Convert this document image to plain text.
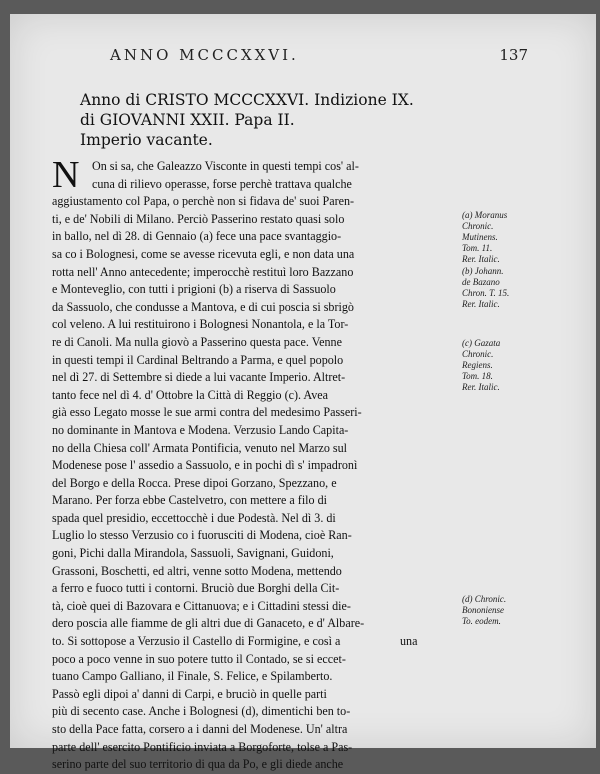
ANNO MCCCXXVI.	137
Anno di CRISTO MCCCXXVI. Indizione IX.
di GIOVANNI XXII. Papa II.
Imperio vacante.
N	On si sa, che Galeazzo Visconte in questi tempi cos' al-
cuna di rilievo operasse, forse perchè trattava qualche
aggiustamento col Papa, o perchè non si fidava de' suoi Paren-
ti, e de' Nobili di Milano. Perciò Passerino restato quasi solo
in ballo, nel dì 28. di Gennaio (a) fece una pace svantaggio-
sa co i Bolognesi, come se avesse ricevuta egli, e non data una
rotta nell' Anno antecedente; imperocchè restituì loro Bazzano
e Monteveglio, con tutti i prigioni (b) a riserva di Sassuolo
da Sassuolo, che condusse a Mantova, e di cui poscia si sbrigò
col veleno. A lui restituirono i Bolognesi Nonantola, e la Tor-
re di Canoli. Ma nulla giovò a Passerino questa pace. Venne
in questi tempi il Cardinal Beltrando a Parma, e quel popolo
nel dì 27. di Settembre si diede a lui vacante Imperio. Altret-
tanto fece nel dì 4. d' Ottobre la Città di Reggio (c). Avea
già esso Legato mosse le sue armi contra del medesimo Passeri-
no dominante in Mantova e Modena. Verzusio Lando Capita-
no della Chiesa coll' Armata Pontificia, venuto nel Marzo sul
Modenese pose l' assedio a Sassuolo, e in pochi dì s' impadronì
del Borgo e della Rocca. Prese dipoi Gorzano, Spezzano, e
Marano. Per forza ebbe Castelvetro, con mettere a filo di
spada quel presidio, eccettocchè i due Podestà. Nel dì 3. di
Luglio lo stesso Verzusio co i fuorusciti di Modena, cioè Ran-
goni, Pichi dalla Mirandola, Sassuoli, Savignani, Guidoni,
Grassoni, Boschetti, ed altri, venne sotto Modena, mettendo
a ferro e fuoco tutti i contorni. Bruciò due Borghi della Cit-
tà, cioè quei di Bazovara e Cittanuova; e i Cittadini stessi die-
dero poscia alle fiamme de gli altri due di Ganaceto, e d' Albare-
to. Si sottopose a Verzusio il Castello di Formigine, e così a
poco a poco venne in suo potere tutto il Contado, se si eccet-
tuano Campo Galliano, il Finale, S. Felice, e Spilamberto.
Passò egli dipoi a' danni di Carpi, e bruciò in quelle parti
più di secento case. Anche i Bolognesi (d), dimentichi ben to-
sto della Pace fatta, corsero a i danni del Modenese. Un' altra
parte dell' esercito Pontificio inviata a Borgoforte, tolse a Pas-
serino parte del suo territorio di qua da Po, e gli diede anche
(a) Moranus
Chronic.
Mutinens.
Tom. 11.
Rer. Italic.
(b) Johann.
de Bazano
Chron. T. 15.
Rer. Italic.
(c) Gazata
Chronic.
Regiens.
Tom. 18.
Rer. Italic.
(d) Chronic.
Bononiense
To. eodem.
una
